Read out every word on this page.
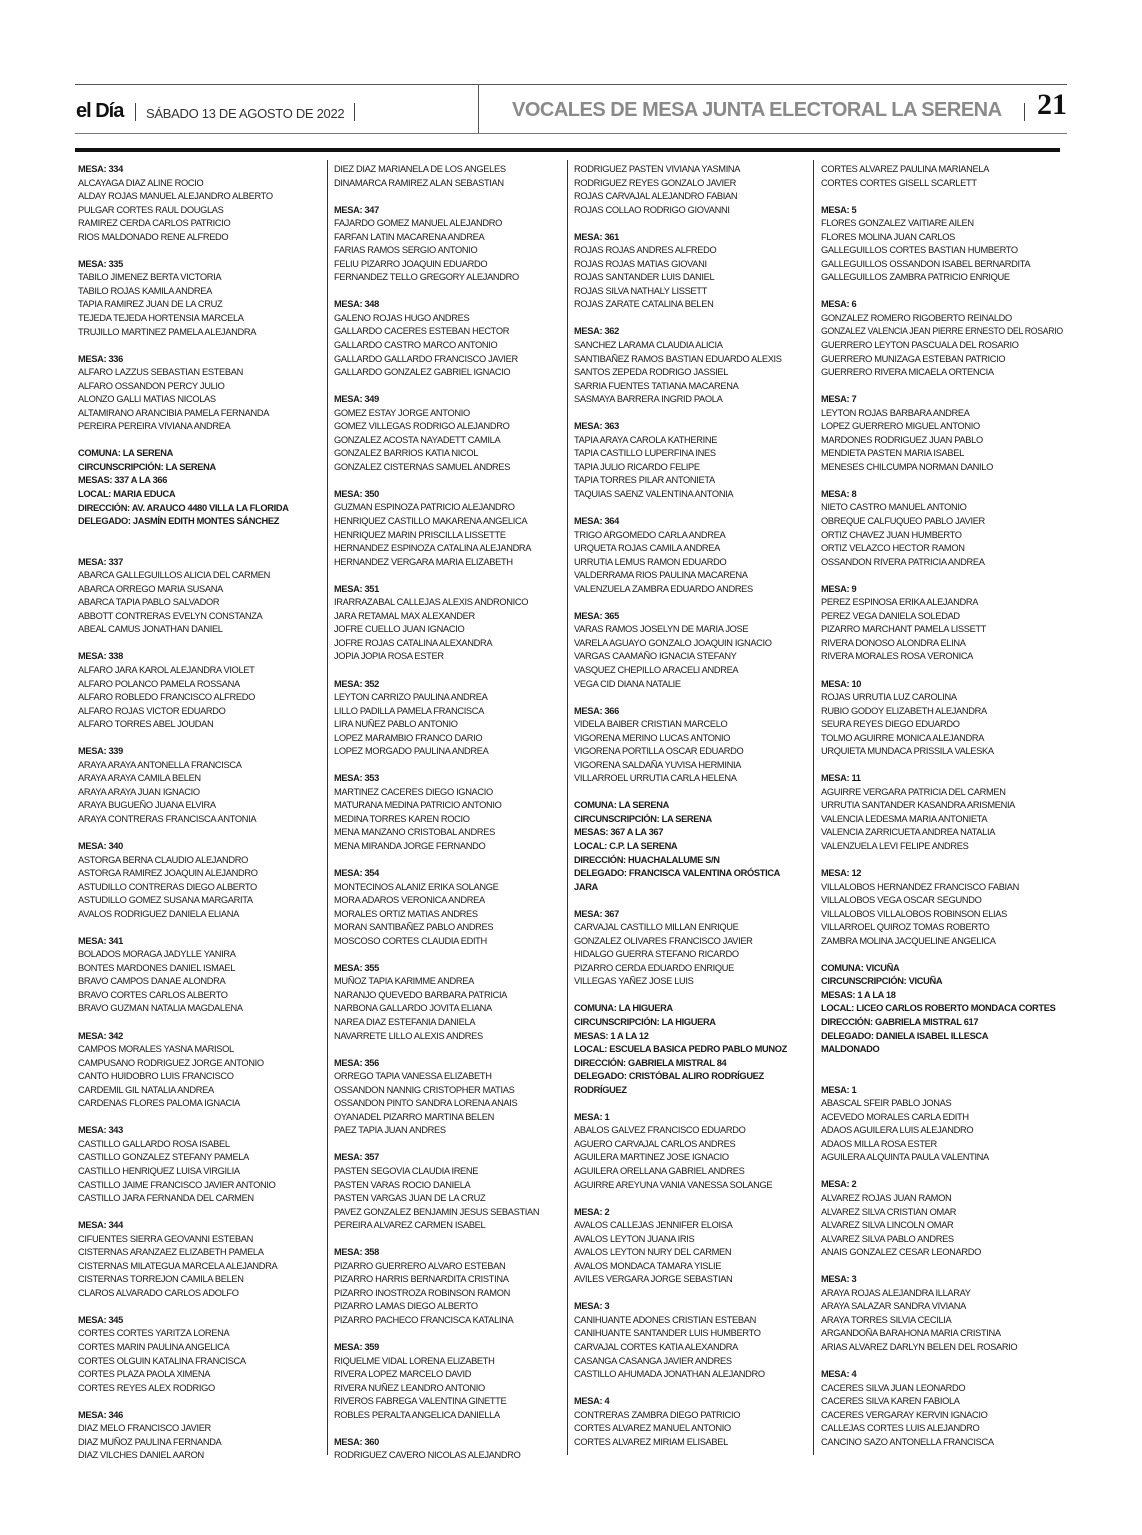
el Día SÁBADO 13 DE AGOSTO DE 2022	VOCALES DE MESA JUNTA ELECTORAL LA SERENA 21
MESA: 334
ALCAYAGA DIAZ ALINE ROCIO
ALDAY ROJAS MANUEL ALEJANDRO ALBERTO
PULGAR CORTES RAUL DOUGLAS
RAMIREZ CERDA CARLOS PATRICIO
RIOS MALDONADO RENE ALFREDO
MESA: 335
TABILO JIMENEZ BERTA VICTORIA
TABILO ROJAS KAMILA ANDREA
TAPIA RAMIREZ JUAN DE LA CRUZ
TEJEDA TEJEDA HORTENSIA MARCELA
TRUJILLO MARTINEZ PAMELA ALEJANDRA
MESA: 336
ALFARO LAZZUS SEBASTIAN ESTEBAN
ALFARO OSSANDON PERCY JULIO
ALONZO GALLI MATIAS NICOLAS
ALTAMIRANO ARANCIBIA PAMELA FERNANDA
PEREIRA PEREIRA VIVIANA ANDREA
COMUNA: LA SERENA
CIRCUNSCRIPCIÓN: LA SERENA
MESAS: 337 A LA 366
LOCAL: MARIA EDUCA
DIRECCIÓN: AV. ARAUCO 4480 VILLA LA FLORIDA
DELEGADO: JASMÍN EDITH MONTES SÁNCHEZ
MESA: 337
ABARCA GALLEGUILLOS ALICIA DEL CARMEN
ABARCA ORREGO MARIA SUSANA
ABARCA TAPIA PABLO SALVADOR
ABBOTT CONTRERAS EVELYN CONSTANZA
ABEAL CAMUS JONATHAN DANIEL
MESA: 338
ALFARO JARA KAROL ALEJANDRA VIOLET
ALFARO POLANCO PAMELA ROSSANA
ALFARO ROBLEDO FRANCISCO ALFREDO
ALFARO ROJAS VICTOR EDUARDO
ALFARO TORRES ABEL JOUDAN
MESA: 339
ARAYA ARAYA ANTONELLA FRANCISCA
ARAYA ARAYA CAMILA BELEN
ARAYA ARAYA JUAN IGNACIO
ARAYA BUGUEÑO JUANA ELVIRA
ARAYA CONTRERAS FRANCISCA ANTONIA
MESA: 340
ASTORGA BERNA CLAUDIO ALEJANDRO
ASTORGA RAMIREZ JOAQUIN ALEJANDRO
ASTUDILLO CONTRERAS DIEGO ALBERTO
ASTUDILLO GOMEZ SUSANA MARGARITA
AVALOS RODRIGUEZ DANIELA ELIANA
MESA: 341
BOLADOS MORAGA JADYLLE YANIRA
BONTES MARDONES DANIEL ISMAEL
BRAVO CAMPOS DANAE ALONDRA
BRAVO CORTES CARLOS ALBERTO
BRAVO GUZMAN NATALIA MAGDALENA
MESA: 342
CAMPOS MORALES YASNA MARISOL
CAMPUSANO RODRIGUEZ JORGE ANTONIO
CANTO HUIDOBRO LUIS FRANCISCO
CARDEMIL GIL NATALIA ANDREA
CARDENAS FLORES PALOMA IGNACIA
MESA: 343
CASTILLO GALLARDO ROSA ISABEL
CASTILLO GONZALEZ STEFANY PAMELA
CASTILLO HENRIQUEZ LUISA VIRGILIA
CASTILLO JAIME FRANCISCO JAVIER ANTONIO
CASTILLO JARA FERNANDA DEL CARMEN
MESA: 344
CIFUENTES SIERRA GEOVANNI ESTEBAN
CISTERNAS ARANZAEZ ELIZABETH PAMELA
CISTERNAS MILATEGUA MARCELA ALEJANDRA
CISTERNAS TORREJON CAMILA BELEN
CLAROS ALVARADO CARLOS ADOLFO
MESA: 345
CORTES CORTES YARITZA LORENA
CORTES MARIN PAULINA ANGELICA
CORTES OLGUIN KATALINA FRANCISCA
CORTES PLAZA PAOLA XIMENA
CORTES REYES ALEX RODRIGO
MESA: 346
DIAZ MELO FRANCISCO JAVIER
DIAZ MUÑOZ PAULINA FERNANDA
DIAZ VILCHES DANIEL AARON
DIEZ DIAZ MARIANELA DE LOS ANGELES
DINAMARCA RAMIREZ ALAN SEBASTIAN
MESA: 347
FAJARDO GOMEZ MANUEL ALEJANDRO
FARFAN LATIN MACARENA ANDREA
FARIAS RAMOS SERGIO ANTONIO
FELIU PIZARRO JOAQUIN EDUARDO
FERNANDEZ TELLO GREGORY ALEJANDRO
MESA: 348
GALENO ROJAS HUGO ANDRES
GALLARDO CACERES ESTEBAN HECTOR
GALLARDO CASTRO MARCO ANTONIO
GALLARDO GALLARDO FRANCISCO JAVIER
GALLARDO GONZALEZ GABRIEL IGNACIO
MESA: 349
GOMEZ ESTAY JORGE ANTONIO
GOMEZ VILLEGAS RODRIGO ALEJANDRO
GONZALEZ ACOSTA NAYADETT CAMILA
GONZALEZ BARRIOS KATIA NICOL
GONZALEZ CISTERNAS SAMUEL ANDRES
MESA: 350
GUZMAN ESPINOZA PATRICIO ALEJANDRO
HENRIQUEZ CASTILLO MAKARENA ANGELICA
HENRIQUEZ MARIN PRISCILLA LISSETTE
HERNANDEZ ESPINOZA CATALINA ALEJANDRA
HERNANDEZ VERGARA MARIA ELIZABETH
MESA: 351
IRARRAZABAL CALLEJAS ALEXIS ANDRONICO
JARA RETAMAL MAX ALEXANDER
JOFRE CUELLO JUAN IGNACIO
JOFRE ROJAS CATALINA ALEXANDRA
JOPIA JOPIA ROSA ESTER
MESA: 352
LEYTON CARRIZO PAULINA ANDREA
LILLO PADILLA PAMELA FRANCISCA
LIRA NUÑEZ PABLO ANTONIO
LOPEZ MARAMBIO FRANCO DARIO
LOPEZ MORGADO PAULINA ANDREA
MESA: 353
MARTINEZ CACERES DIEGO IGNACIO
MATURANA MEDINA PATRICIO ANTONIO
MEDINA TORRES KAREN ROCIO
MENA MANZANO CRISTOBAL ANDRES
MENA MIRANDA JORGE FERNANDO
MESA: 354
MONTECINOS ALANIZ ERIKA SOLANGE
MORA ADAROS VERONICA ANDREA
MORALES ORTIZ MATIAS ANDRES
MORAN SANTIBAÑEZ PABLO ANDRES
MOSCOSO CORTES CLAUDIA EDITH
MESA: 355
MUÑOZ TAPIA KARIMME ANDREA
NARANJO QUEVEDO BARBARA PATRICIA
NARBONA GALLARDO JOVITA ELIANA
NAREA DIAZ ESTEFANIA DANIELA
NAVARRETE LILLO ALEXIS ANDRES
MESA: 356
ORREGO TAPIA VANESSA ELIZABETH
OSSANDON NANNIG CRISTOPHER MATIAS
OSSANDON PINTO SANDRA LORENA ANAIS
OYANADEL PIZARRO MARTINA BELEN
PAEZ TAPIA JUAN ANDRES
MESA: 357
PASTEN SEGOVIA CLAUDIA IRENE
PASTEN VARAS ROCIO DANIELA
PASTEN VARGAS JUAN DE LA CRUZ
PAVEZ GONZALEZ BENJAMIN JESUS SEBASTIAN
PEREIRA ALVAREZ CARMEN ISABEL
MESA: 358
PIZARRO GUERRERO ALVARO ESTEBAN
PIZARRO HARRIS BERNARDITA CRISTINA
PIZARRO INOSTROZA ROBINSON RAMON
PIZARRO LAMAS DIEGO ALBERTO
PIZARRO PACHECO FRANCISCA KATALINA
MESA: 359
RIQUELME VIDAL LORENA ELIZABETH
RIVERA LOPEZ MARCELO DAVID
RIVERA NUÑEZ LEANDRO ANTONIO
RIVEROS FABREGA VALENTINA GINETTE
ROBLES PERALTA ANGELICA DANIELLA
MESA: 360
RODRIGUEZ CAVERO NICOLAS ALEJANDRO
RODRIGUEZ PASTEN VIVIANA YASMINA
RODRIGUEZ REYES GONZALO JAVIER
ROJAS CARVAJAL ALEJANDRO FABIAN
ROJAS COLLAO RODRIGO GIOVANNI
MESA: 361
ROJAS ROJAS ANDRES ALFREDO
ROJAS ROJAS MATIAS GIOVANI
ROJAS SANTANDER LUIS DANIEL
ROJAS SILVA NATHALY LISSETT
ROJAS ZARATE CATALINA BELEN
MESA: 362
SANCHEZ LARAMA CLAUDIA ALICIA
SANTIBAÑEZ RAMOS BASTIAN EDUARDO ALEXIS
SANTOS ZEPEDA RODRIGO JASSIEL
SARRIA FUENTES TATIANA MACARENA
SASMAYA BARRERA INGRID PAOLA
MESA: 363
TAPIA ARAYA CAROLA KATHERINE
TAPIA CASTILLO LUPERFINA INES
TAPIA JULIO RICARDO FELIPE
TAPIA TORRES PILAR ANTONIETA
TAQUIAS SAENZ VALENTINA ANTONIA
MESA: 364
TRIGO ARGOMEDO CARLA ANDREA
URQUETA ROJAS CAMILA ANDREA
URRUTIA LEMUS RAMON EDUARDO
VALDERRAMA RIOS PAULINA MACARENA
VALENZUELA ZAMBRA EDUARDO ANDRES
MESA: 365
VARAS RAMOS JOSELYN DE MARIA JOSE
VARELA AGUAYO GONZALO JOAQUIN IGNACIO
VARGAS CAAMAÑO IGNACIA STEFANY
VASQUEZ CHEPILLO ARACELI ANDREA
VEGA CID DIANA NATALIE
MESA: 366
VIDELA BAIBER CRISTIAN MARCELO
VIGORENA MERINO LUCAS ANTONIO
VIGORENA PORTILLA OSCAR EDUARDO
VIGORENA SALDAÑA YUVISA HERMINIA
VILLARROEL URRUTIA CARLA HELENA
COMUNA: LA SERENA
CIRCUNSCRIPCIÓN: LA SERENA
MESAS: 367 A LA 367
LOCAL: C.P. LA SERENA
DIRECCIÓN: HUACHALALUME S/N
DELEGADO: FRANCISCA VALENTINA ORÓSTICA
JARA
MESA: 367
CARVAJAL CASTILLO MILLAN ENRIQUE
GONZALEZ OLIVARES FRANCISCO JAVIER
HIDALGO GUERRA STEFANO RICARDO
PIZARRO CERDA EDUARDO ENRIQUE
VILLEGAS YAÑEZ JOSE LUIS
COMUNA: LA HIGUERA
CIRCUNSCRIPCIÓN: LA HIGUERA
MESAS: 1 A LA 12
LOCAL: ESCUELA BASICA PEDRO PABLO MUNOZ
DIRECCIÓN: GABRIELA MISTRAL 84
DELEGADO: CRISTÓBAL ALIRO RODRÍGUEZ
RODRÍGUEZ
MESA: 1
ABALOS GALVEZ FRANCISCO EDUARDO
AGUERO CARVAJAL CARLOS ANDRES
AGUILERA MARTINEZ JOSE IGNACIO
AGUILERA ORELLANA GABRIEL ANDRES
AGUIRRE AREYUNA VANIA VANESSA SOLANGE
MESA: 2
AVALOS CALLEJAS JENNIFER ELOISA
AVALOS LEYTON JUANA IRIS
AVALOS LEYTON NURY DEL CARMEN
AVALOS MONDACA TAMARA YISLIE
AVILES VERGARA JORGE SEBASTIAN
MESA: 3
CANIHUANTE ADONES CRISTIAN ESTEBAN
CANIHUANTE SANTANDER LUIS HUMBERTO
CARVAJAL CORTES KATIA ALEXANDRA
CASANGA CASANGA JAVIER ANDRES
CASTILLO AHUMADA JONATHAN ALEJANDRO
MESA: 4
CONTRERAS ZAMBRA DIEGO PATRICIO
CORTES ALVAREZ MANUEL ANTONIO
CORTES ALVAREZ MIRIAM ELISABEL
CORTES ALVAREZ PAULINA MARIANELA
CORTES CORTES GISELL SCARLETT
MESA: 5
FLORES GONZALEZ VAITIARE AILEN
FLORES MOLINA JUAN CARLOS
GALLEGUILLOS CORTES BASTIAN HUMBERTO
GALLEGUILLOS OSSANDON ISABEL BERNARDITA
GALLEGUILLOS ZAMBRA PATRICIO ENRIQUE
MESA: 6
GONZALEZ ROMERO RIGOBERTO REINALDO
GONZALEZ VALENCIA JEAN PIERRE ERNESTO DEL ROSARIO
GUERRERO LEYTON PASCUALA DEL ROSARIO
GUERRERO MUNIZAGA ESTEBAN PATRICIO
GUERRERO RIVERA MICAELA ORTENCIA
MESA: 7
LEYTON ROJAS BARBARA ANDREA
LOPEZ GUERRERO MIGUEL ANTONIO
MARDONES RODRIGUEZ JUAN PABLO
MENDIETA PASTEN MARIA ISABEL
MENESES CHILCUMPA NORMAN DANILO
MESA: 8
NIETO CASTRO MANUEL ANTONIO
OBREQUE CALFUQUEO PABLO JAVIER
ORTIZ CHAVEZ JUAN HUMBERTO
ORTIZ VELAZCO HECTOR RAMON
OSSANDON RIVERA PATRICIA ANDREA
MESA: 9
PEREZ ESPINOSA ERIKA ALEJANDRA
PEREZ VEGA DANIELA SOLEDAD
PIZARRO MARCHANT PAMELA LISSETT
RIVERA DONOSO ALONDRA ELINA
RIVERA MORALES ROSA VERONICA
MESA: 10
ROJAS URRUTIA LUZ CAROLINA
RUBIO GODOY ELIZABETH ALEJANDRA
SEURA REYES DIEGO EDUARDO
TOLMO AGUIRRE MONICA ALEJANDRA
URQUIETA MUNDACA PRISSILA VALESKA
MESA: 11
AGUIRRE VERGARA PATRICIA DEL CARMEN
URRUTIA SANTANDER KASANDRA ARISMENIA
VALENCIA LEDESMA MARIA ANTONIETA
VALENCIA ZARRICUETA ANDREA NATALIA
VALENZUELA LEVI FELIPE ANDRES
MESA: 12
VILLALOBOS HERNANDEZ FRANCISCO FABIAN
VILLALOBOS VEGA OSCAR SEGUNDO
VILLALOBOS VILLALOBOS ROBINSON ELIAS
VILLARROEL QUIROZ TOMAS ROBERTO
ZAMBRA MOLINA JACQUELINE ANGELICA
COMUNA: VICUÑA
CIRCUNSCRIPCIÓN: VICUÑA
MESAS: 1 A LA 18
LOCAL: LICEO CARLOS ROBERTO MONDACA CORTES
DIRECCIÓN: GABRIELA MISTRAL 617
DELEGADO: DANIELA ISABEL ILLESCA
MALDONADO
MESA: 1
ABASCAL SFEIR PABLO JONAS
ACEVEDO MORALES CARLA EDITH
ADAOS AGUILERA LUIS ALEJANDRO
ADAOS MILLA ROSA ESTER
AGUILERA ALQUINTA PAULA VALENTINA
MESA: 2
ALVAREZ ROJAS JUAN RAMON
ALVAREZ SILVA CRISTIAN OMAR
ALVAREZ SILVA LINCOLN OMAR
ALVAREZ SILVA PABLO ANDRES
ANAIS GONZALEZ CESAR LEONARDO
MESA: 3
ARAYA ROJAS ALEJANDRA ILLARAY
ARAYA SALAZAR SANDRA VIVIANA
ARAYA TORRES SILVIA CECILIA
ARGANDOÑA BARAHONA MARIA CRISTINA
ARIAS ALVAREZ DARLYN BELEN DEL ROSARIO
MESA: 4
CACERES SILVA JUAN LEONARDO
CACERES SILVA KAREN FABIOLA
CACERES VERGARAY KERVIN IGNACIO
CALLEJAS CORTES LUIS ALEJANDRO
CANCINO SAZO ANTONELLA FRANCISCA
